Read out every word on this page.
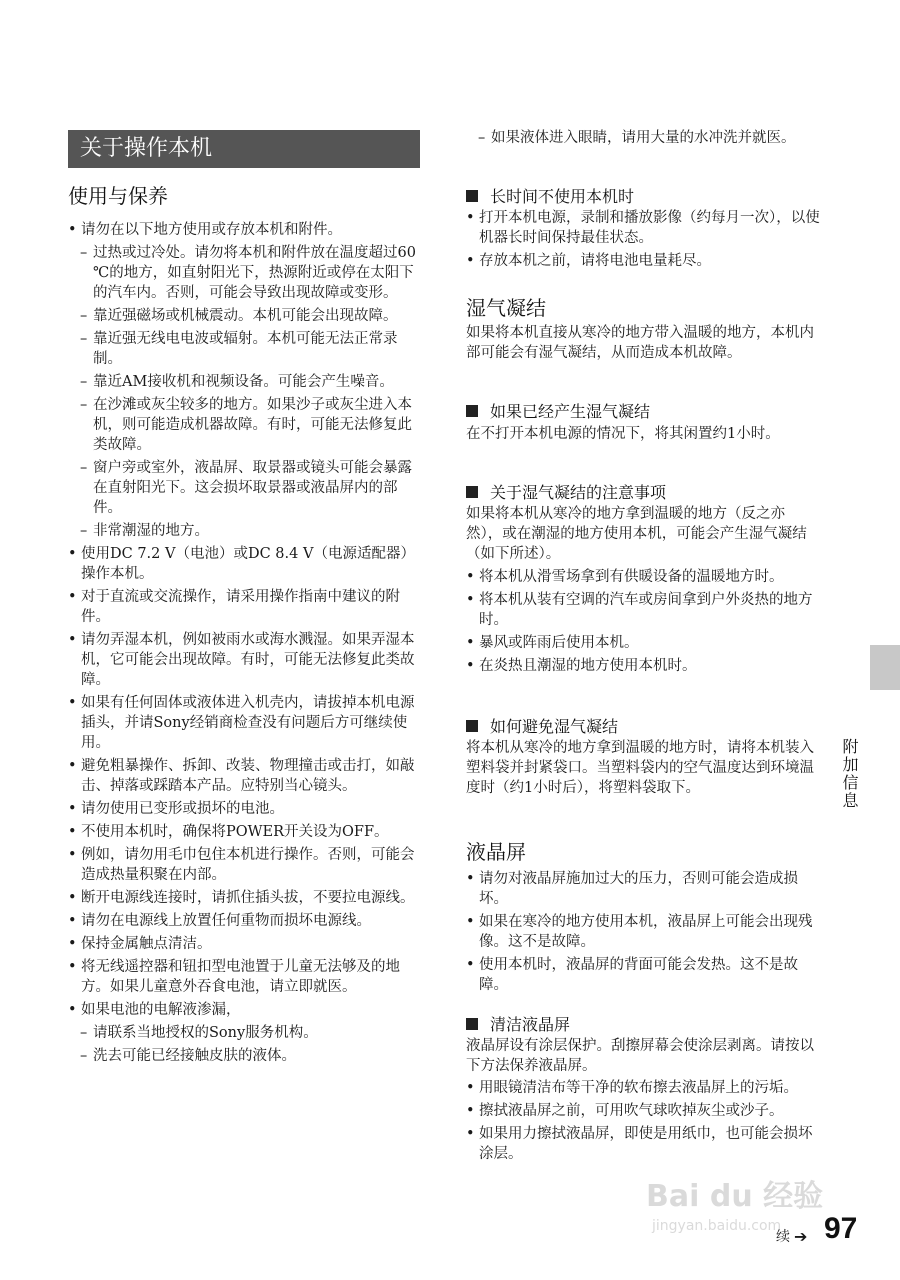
关于操作本机
使用与保养
• 请勿在以下地方使用或存放本机和附件。
– 过热或过冷处。请勿将本机和附件放在温度超过60 ℃的地方，如直射阳光下，热源附近或停在太阳下的汽车内。否则，可能会导致出现故障或变形。
– 靠近强磁场或机械震动。本机可能会出现故障。
– 靠近强无线电电波或辐射。本机可能无法正常录制。
– 靠近AM接收机和视频设备。可能会产生噪音。
– 在沙滩或灰尘较多的地方。如果沙子或灰尘进入本机，则可能造成机器故障。有时，可能无法修复此类故障。
– 窗户旁或室外，液晶屏、取景器或镜头可能会暴露在直射阳光下。这会损坏取景器或液晶屏内的部件。
– 非常潮湿的地方。
• 使用DC 7.2 V（电池）或DC 8.4 V（电源适配器）操作本机。
• 对于直流或交流操作，请采用操作指南中建议的附件。
• 请勿弄湿本机，例如被雨水或海水溅湿。如果弄湿本机，它可能会出现故障。有时，可能无法修复此类故障。
• 如果有任何固体或液体进入机壳内，请拔掉本机电源插头，并请Sony经销商检查没有问题后方可继续使用。
• 避免粗暴操作、拆卸、改装、物理撞击或击打，如敲击、掉落或踩踏本产品。应特别当心镜头。
• 请勿使用已变形或损坏的电池。
• 不使用本机时，确保将POWER开关设为OFF。
• 例如，请勿用毛巾包住本机进行操作。否则，可能会造成热量积聚在内部。
• 断开电源线连接时，请抓住插头拔，不要拉电源线。
• 请勿在电源线上放置任何重物而损坏电源线。
• 保持金属触点清洁。
• 将无线遥控器和钮扣型电池置于儿童无法够及的地方。如果儿童意外吞食电池，请立即就医。
• 如果电池的电解液渗漏，
– 请联系当地授权的Sony服务机构。
– 洗去可能已经接触皮肤的液体。
– 如果液体进入眼睛，请用大量的水冲洗并就医。
长时间不使用本机时
• 打开本机电源，录制和播放影像（约每月一次），以使机器长时间保持最佳状态。
• 存放本机之前，请将电池电量耗尽。
湿气凝结
如果将本机直接从寒冷的地方带入温暖的地方，本机内部可能会有湿气凝结，从而造成本机故障。
如果已经产生湿气凝结
在不打开本机电源的情况下，将其闲置约1小时。
关于湿气凝结的注意事项
如果将本机从寒冷的地方拿到温暖的地方（反之亦然），或在潮湿的地方使用本机，可能会产生湿气凝结（如下所述）。
• 将本机从滑雪场拿到有供暖设备的温暖地方时。
• 将本机从装有空调的汽车或房间拿到户外炎热的地方时。
• 暴风或阵雨后使用本机。
• 在炎热且潮湿的地方使用本机时。
如何避免湿气凝结
将本机从寒冷的地方拿到温暖的地方时，请将本机装入塑料袋并封紧袋口。当塑料袋内的空气温度达到环境温度时（约1小时后），将塑料袋取下。
液晶屏
• 请勿对液晶屏施加过大的压力，否则可能会造成损坏。
• 如果在寒冷的地方使用本机，液晶屏上可能会出现残像。这不是故障。
• 使用本机时，液晶屏的背面可能会发热。这不是故障。
清洁液晶屏
液晶屏设有涂层保护。刮擦屏幕会使涂层剥离。请按以下方法保养液晶屏。
• 用眼镜清洁布等干净的软布擦去液晶屏上的污垢。
• 擦拭液晶屏之前，可用吹气球吹掉灰尘或沙子。
• 如果用力擦拭液晶屏，即使是用纸巾，也可能会损坏涂层。
附加信息
续 ➔ 97
Bai du 经验
jingyan.baidu.com
